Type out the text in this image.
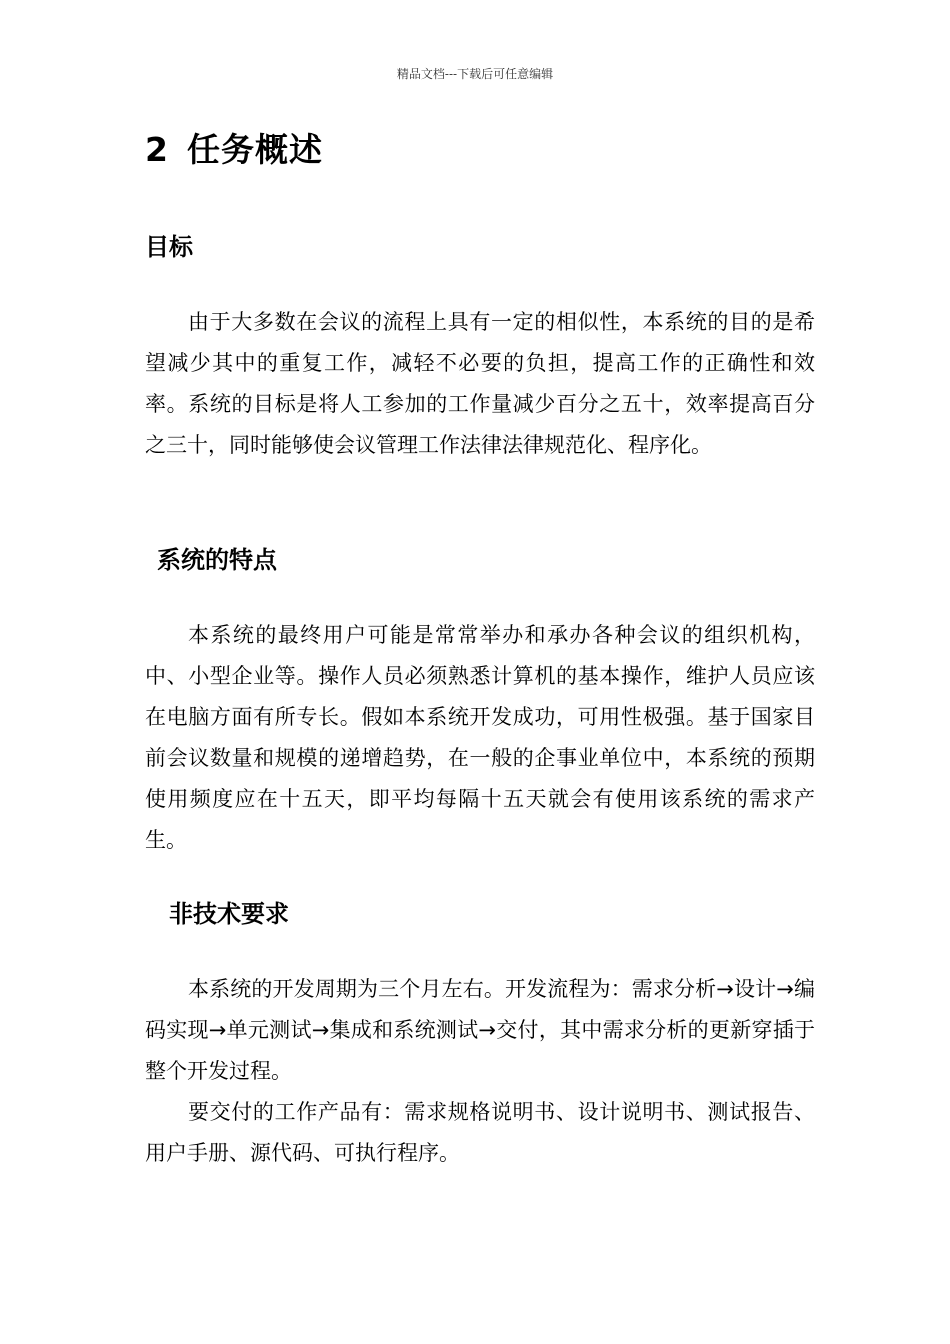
精品文档---下载后可任意编辑
2 任务概述
目标

由于大多数在会议的流程上具有一定的相似性，本系统的目的是希望减少其中的重复工作，减轻不必要的负担，提高工作的正确性和效率。系统的目标是将人工参加的工作量减少百分之五十，效率提高百分之三十，同时能够使会议管理工作法律法律规范化、程序化。

系统的特点

本系统的最终用户可能是常常举办和承办各种会议的组织机构，中、小型企业等。操作人员必须熟悉计算机的基本操作，维护人员应该在电脑方面有所专长。假如本系统开发成功，可用性极强。基于国家目前会议数量和规模的递增趋势，在一般的企事业单位中，本系统的预期使用频度应在十五天，即平均每隔十五天就会有使用该系统的需求产生。

非技术要求

本系统的开发周期为三个月左右。开发流程为：需求分析→设计→编码实现→单元测试→集成和系统测试→交付，其中需求分析的更新穿插于整个开发过程。
要交付的工作产品有：需求规格说明书、设计说明书、测试报告、用户手册、源代码、可执行程序。
